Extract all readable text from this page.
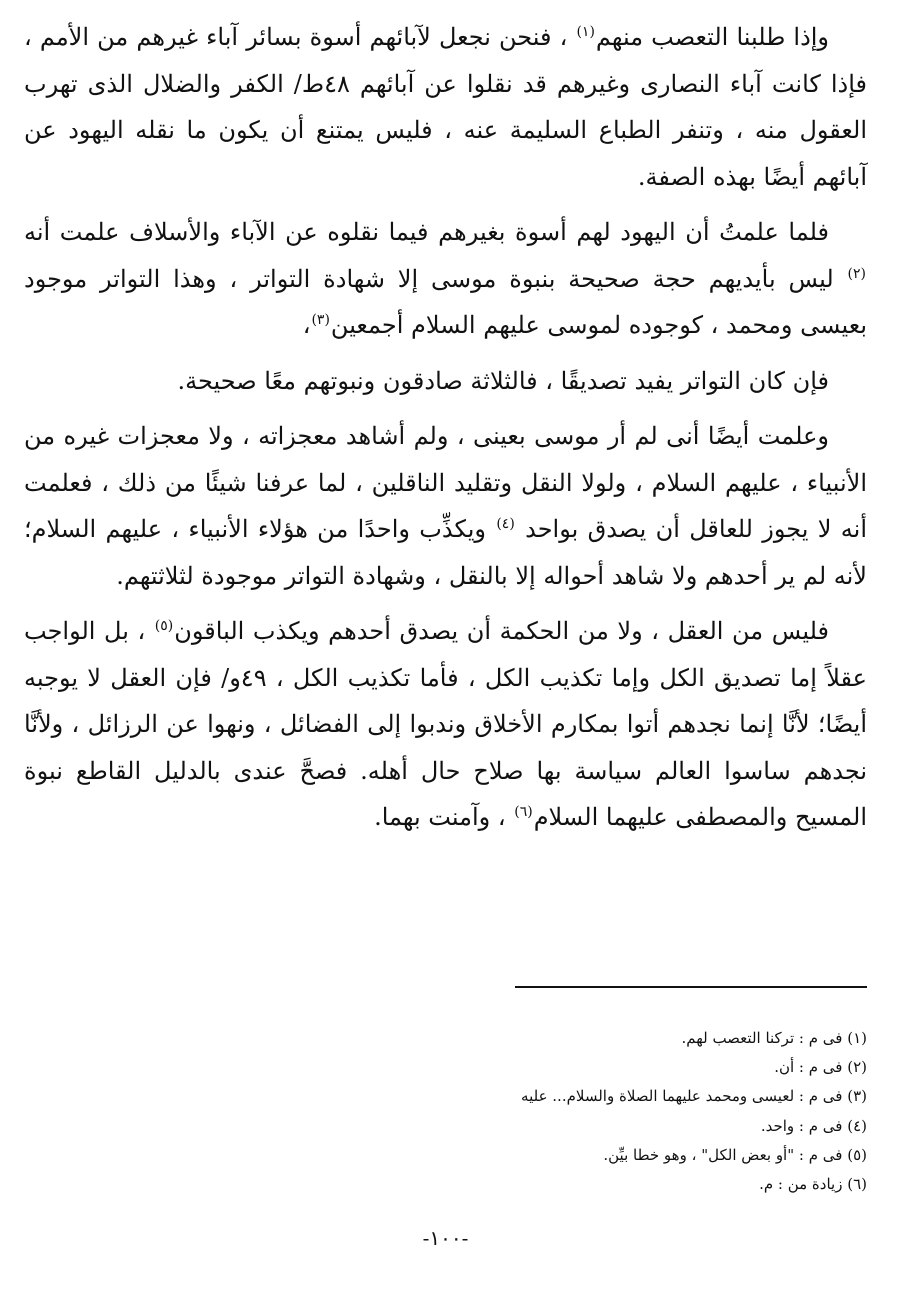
وإذا طلبنا التعصب منهم$^{(١)}$ ، فنحن نجعل لآبائهم أسوة بسائر آباء غيرهم من الأمم ، فإذا كانت آباء النصارى وغيرهم قد نقلوا عن آبائهم ٤٨ط/ الكفر والضلال الذى تهرب العقول منه ، وتنفر الطباع السليمة عنه ، فليس يمتنع أن يكون ما نقله اليهود عن آبائهم أيضًا بهذه الصفة.

فلما علمتُ أن اليهود لهم أسوة بغيرهم فيما نقلوه عن الآباء والأسلاف علمت أنه $^{(٢)}$ ليس بأيديهم حجة صحيحة بنبوة موسى إلا شهادة التواتر ، وهذا التواتر موجود بعيسى ومحمد ، كوجوده لموسى عليهم السلام أجمعين$^{(٣)}$،

فإن كان التواتر يفيد تصديقًا ، فالثلاثة صادقون ونبوتهم معًا صحيحة.

وعلمت أيضًا أنى لم أر موسى بعينى ، ولم أشاهد معجزاته ، ولا معجزات غيره من الأنبياء ، عليهم السلام ، ولولا النقل وتقليد الناقلين ، لما عرفنا شيئًا من ذلك ، فعلمت أنه لا يجوز للعاقل أن يصدق بواحد $^{(٤)}$ ويكذِّب واحدًا من هؤلاء الأنبياء ، عليهم السلام؛ لأنه لم ير أحدهم ولا شاهد أحواله إلا بالنقل ، وشهادة التواتر موجودة لثلاثتهم.

فليس من العقل ، ولا من الحكمة أن يصدق أحدهم ويكذب الباقون$^{(٥)}$ ، بل الواجب عقلاً إما تصديق الكل وإما تكذيب الكل ، فأما تكذيب الكل ، ٤٩و/ فإن العقل لا يوجبه أيضًا؛ لأنَّا إنما نجدهم أتوا بمكارم الأخلاق وندبوا إلى الفضائل ، ونهوا عن الرزائل ، ولأنَّا نجدهم ساسوا العالم سياسة بها صلاح حال أهله. فصحَّ عندى بالدليل القاطع نبوة المسيح والمصطفى عليهما السلام$^{(٦)}$ ، وآمنت بهما.

(١) فى م : تركنا التعصب لهم.
(٢) فى م : أن.
(٣) فى م : لعيسى ومحمد عليهما الصلاة والسلام... عليه
(٤) فى م : واحد.
(٥) فى م : "أو بعض الكل" ، وهو خطا بيِّن.
(٦) زيادة من : م.
-١٠٠-
